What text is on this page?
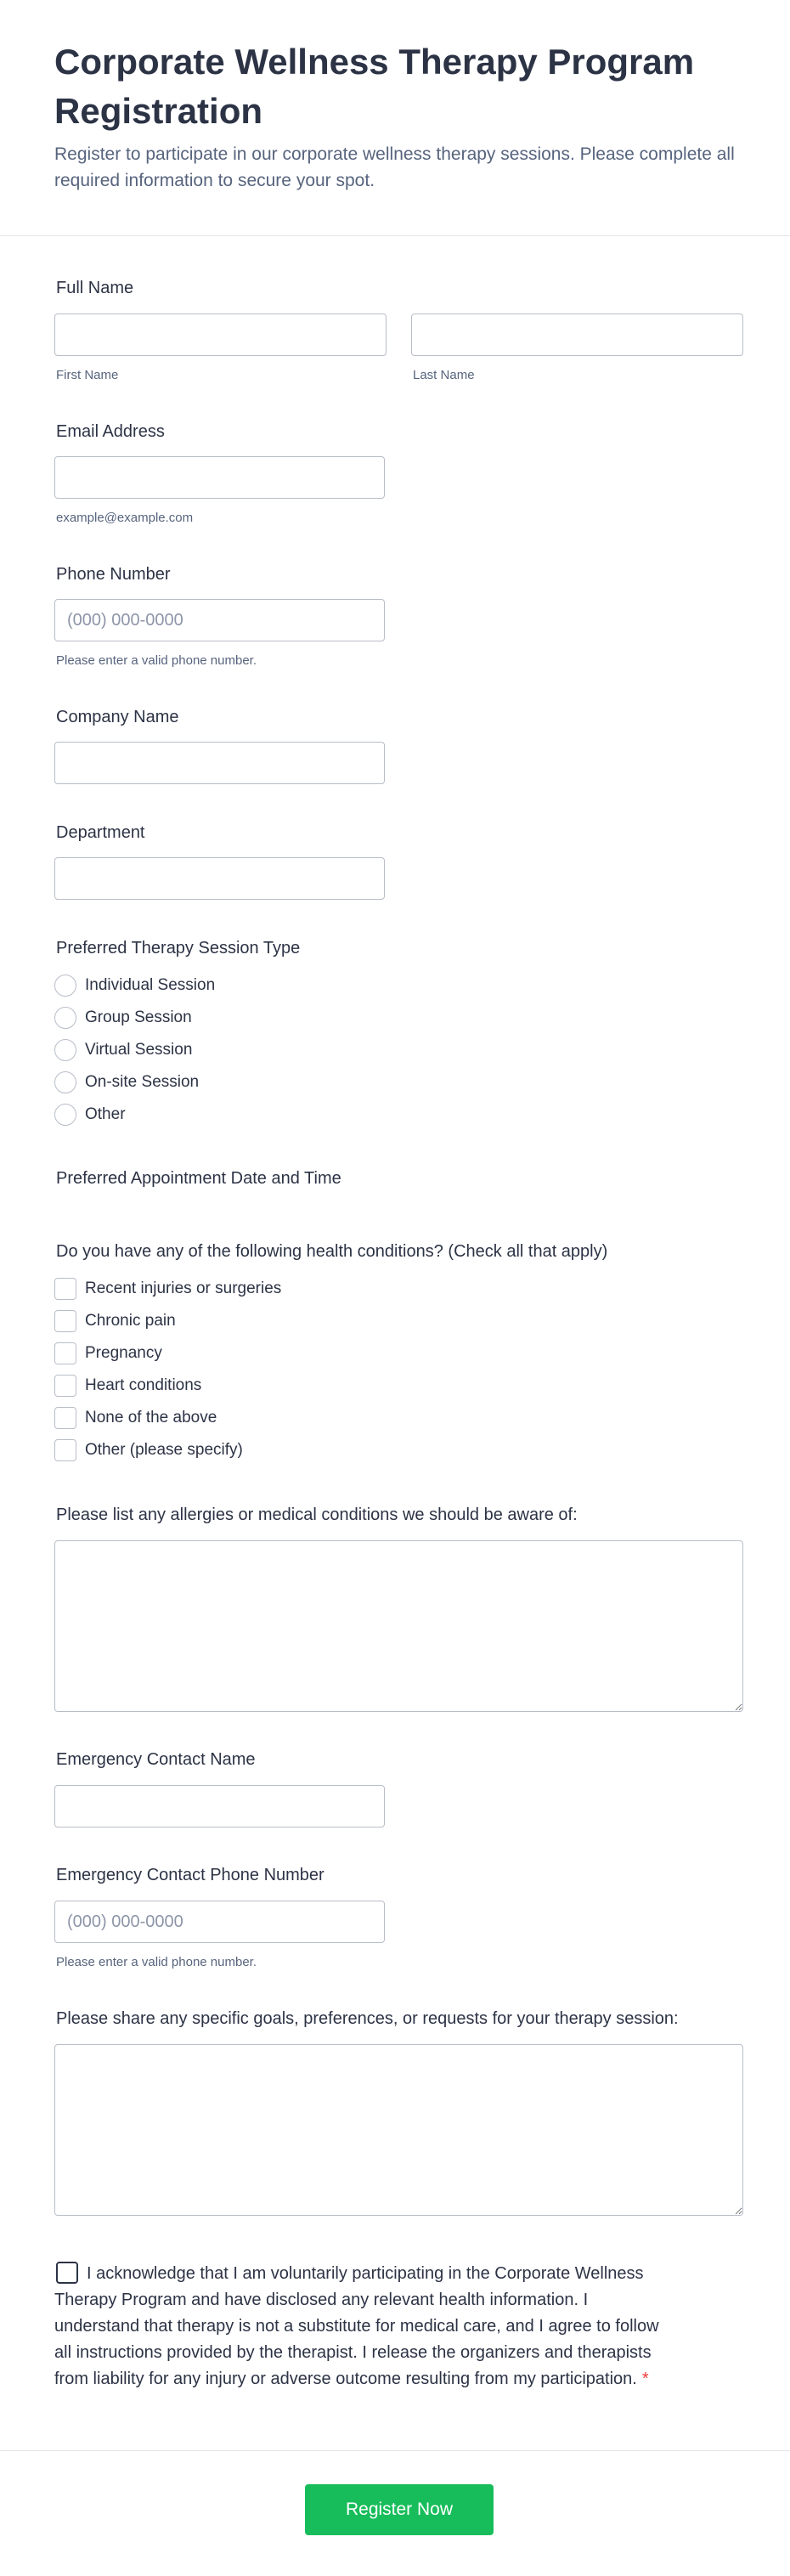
Corporate Wellness Therapy Program Registration

Register to participate in our corporate wellness therapy sessions. Please complete all required information to secure your spot.

Full Name
First Name	Last Name
Email Address
example@example.com
Phone Number
(000) 000-0000
Please enter a valid phone number.
Company Name
Department
Preferred Therapy Session Type
Individual Session
Group Session
Virtual Session
On-site Session
Other
Preferred Appointment Date and Time
Do you have any of the following health conditions? (Check all that apply)
Recent injuries or surgeries
Chronic pain
Pregnancy
Heart conditions
None of the above
Other (please specify)
Please list any allergies or medical conditions we should be aware of:
Emergency Contact Name
Emergency Contact Phone Number
(000) 000-0000
Please enter a valid phone number.
Please share any specific goals, preferences, or requests for your therapy session:
I acknowledge that I am voluntarily participating in the Corporate Wellness Therapy Program and have disclosed any relevant health information. I understand that therapy is not a substitute for medical care, and I agree to follow all instructions provided by the therapist. I release the organizers and therapists from liability for any injury or adverse outcome resulting from my participation. *
Register Now
